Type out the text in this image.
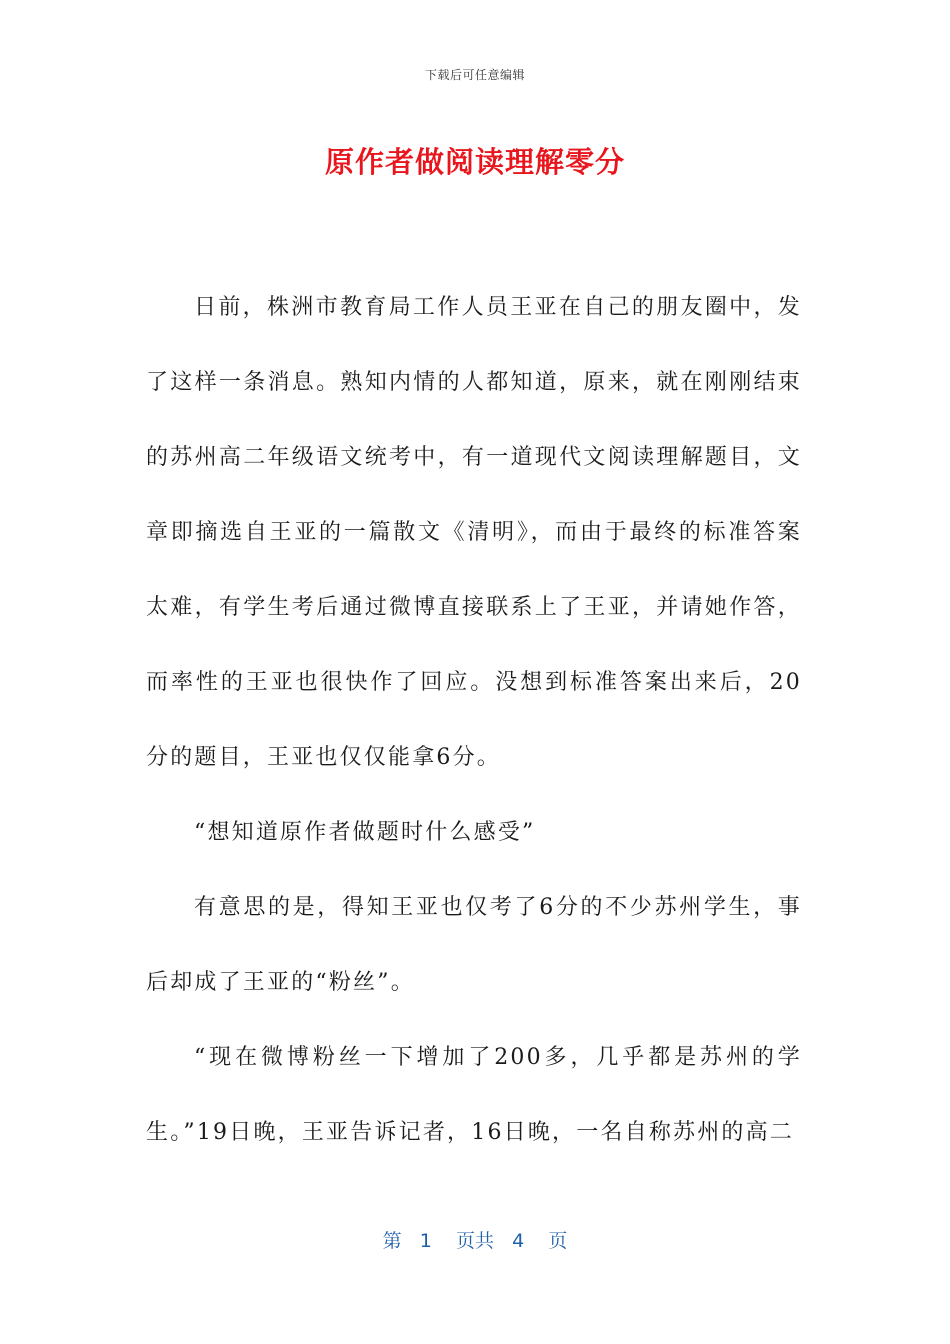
下载后可任意编辑
原作者做阅读理解零分

日前，株洲市教育局工作人员王亚在自己的朋友圈中，发了这样一条消息。熟知内情的人都知道，原来，就在刚刚结束的苏州高二年级语文统考中，有一道现代文阅读理解题目，文章即摘选自王亚的一篇散文《清明》，而由于最终的标准答案太难，有学生考后通过微博直接联系上了王亚，并请她作答，而率性的王亚也很快作了回应。没想到标准答案出来后，20分的题目，王亚也仅仅能拿6分。

“想知道原作者做题时什么感受”

有意思的是，得知王亚也仅考了6分的不少苏州学生，事后却成了王亚的“粉丝”。

“现在微博粉丝一下增加了200多，几乎都是苏州的学生。”19日晚，王亚告诉记者，16日晚，一名自称苏州的高二

第 1 页共 4 页
